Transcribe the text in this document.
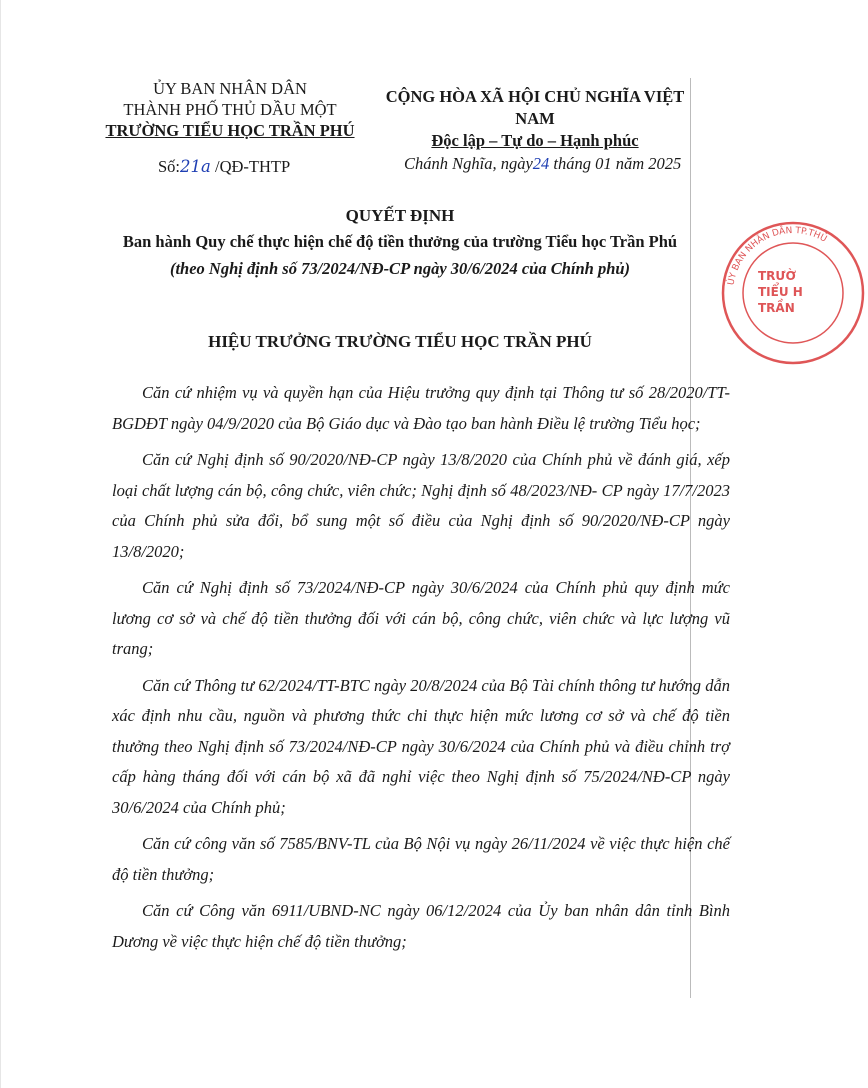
ỦY BAN NHÂN DÂN
THÀNH PHỐ THỦ DẦU MỘT
TRƯỜNG TIỂU HỌC TRẦN PHÚ
Số:21a /QĐ-THTP
CỘNG HÒA XÃ HỘI CHỦ NGHĨA VIỆT NAM
Độc lập – Tự do – Hạnh phúc
Chánh Nghĩa, ngày24 tháng 01 năm 2025
QUYẾT ĐỊNH
Ban hành Quy chế thực hiện chế độ tiền thưởng của trường Tiểu học Trần Phú
(theo Nghị định số 73/2024/NĐ-CP ngày 30/6/2024 của Chính phủ)
HIỆU TRƯỞNG TRƯỜNG TIỂU HỌC TRẦN PHÚ

Căn cứ nhiệm vụ và quyền hạn của Hiệu trưởng quy định tại Thông tư số 28/2020/TT-BGDĐT ngày 04/9/2020 của Bộ Giáo dục và Đào tạo ban hành Điều lệ trường Tiểu học;

Căn cứ Nghị định số 90/2020/NĐ-CP ngày 13/8/2020 của Chính phủ về đánh giá, xếp loại chất lượng cán bộ, công chức, viên chức; Nghị định số 48/2023/NĐ- CP ngày 17/7/2023 của Chính phủ sửa đổi, bổ sung một số điều của Nghị định số 90/2020/NĐ-CP ngày 13/8/2020;

Căn cứ Nghị định số 73/2024/NĐ-CP ngày 30/6/2024 của Chính phủ quy định mức lương cơ sở và chế độ tiền thưởng đối với cán bộ, công chức, viên chức và lực lượng vũ trang;

Căn cứ Thông tư 62/2024/TT-BTC ngày 20/8/2024 của Bộ Tài chính thông tư hướng dẫn xác định nhu cầu, nguồn và phương thức chi thực hiện mức lương cơ sở và chế độ tiền thưởng theo Nghị định số 73/2024/NĐ-CP ngày 30/6/2024 của Chính phủ và điều chỉnh trợ cấp hàng tháng đối với cán bộ xã đã nghỉ việc theo Nghị định số 75/2024/NĐ-CP ngày 30/6/2024 của Chính phủ;

Căn cứ công văn số 7585/BNV-TL của Bộ Nội vụ ngày 26/11/2024 về việc thực hiện chế độ tiền thưởng;

Căn cứ Công văn 6911/UBND-NC ngày 06/12/2024 của Ủy ban nhân dân tỉnh Bình Dương về việc thực hiện chế độ tiền thưởng;

ỦY BAN NHÂN DÂN TP.THỦ
TRƯỜ
TIỂU H
TRẦN
